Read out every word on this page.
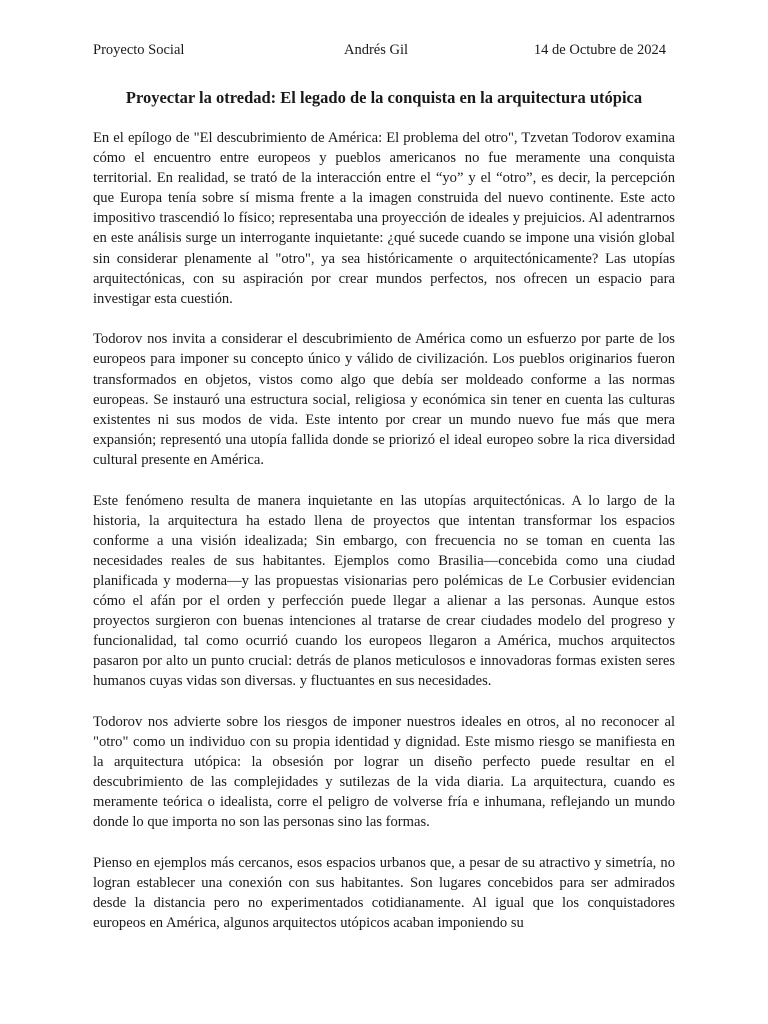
Proyecto Social	Andrés Gil	14 de Octubre de 2024
Proyectar la otredad: El legado de la conquista en la arquitectura utópica

En el epílogo de "El descubrimiento de América: El problema del otro", Tzvetan Todorov examina cómo el encuentro entre europeos y pueblos americanos no fue meramente una conquista territorial. En realidad, se trató de la interacción entre el “yo” y el “otro”, es decir, la percepción que Europa tenía sobre sí misma frente a la imagen construida del nuevo continente. Este acto impositivo trascendió lo físico; representaba una proyección de ideales y prejuicios. Al adentrarnos en este análisis surge un interrogante inquietante: ¿qué sucede cuando se impone una visión global sin considerar plenamente al "otro", ya sea históricamente o arquitectónicamente? Las utopías arquitectónicas, con su aspiración por crear mundos perfectos, nos ofrecen un espacio para investigar esta cuestión.

Todorov nos invita a considerar el descubrimiento de América como un esfuerzo por parte de los europeos para imponer su concepto único y válido de civilización. Los pueblos originarios fueron transformados en objetos, vistos como algo que debía ser moldeado conforme a las normas europeas. Se instauró una estructura social, religiosa y económica sin tener en cuenta las culturas existentes ni sus modos de vida. Este intento por crear un mundo nuevo fue más que mera expansión; representó una utopía fallida donde se priorizó el ideal europeo sobre la rica diversidad cultural presente en América.

Este fenómeno resulta de manera inquietante en las utopías arquitectónicas. A lo largo de la historia, la arquitectura ha estado llena de proyectos que intentan transformar los espacios conforme a una visión idealizada; Sin embargo, con frecuencia no se toman en cuenta las necesidades reales de sus habitantes. Ejemplos como Brasilia—concebida como una ciudad planificada y moderna—y las propuestas visionarias pero polémicas de Le Corbusier evidencian cómo el afán por el orden y perfección puede llegar a alienar a las personas. Aunque estos proyectos surgieron con buenas intenciones al tratarse de crear ciudades modelo del progreso y funcionalidad, tal como ocurrió cuando los europeos llegaron a América, muchos arquitectos pasaron por alto un punto crucial: detrás de planos meticulosos e innovadoras formas existen seres humanos cuyas vidas son diversas. y fluctuantes en sus necesidades.

Todorov nos advierte sobre los riesgos de imponer nuestros ideales en otros, al no reconocer al "otro" como un individuo con su propia identidad y dignidad. Este mismo riesgo se manifiesta en la arquitectura utópica: la obsesión por lograr un diseño perfecto puede resultar en el descubrimiento de las complejidades y sutilezas de la vida diaria. La arquitectura, cuando es meramente teórica o idealista, corre el peligro de volverse fría e inhumana, reflejando un mundo donde lo que importa no son las personas sino las formas.

Pienso en ejemplos más cercanos, esos espacios urbanos que, a pesar de su atractivo y simetría, no logran establecer una conexión con sus habitantes. Son lugares concebidos para ser admirados desde la distancia pero no experimentados cotidianamente. Al igual que los conquistadores europeos en América, algunos arquitectos utópicos acaban imponiendo su
